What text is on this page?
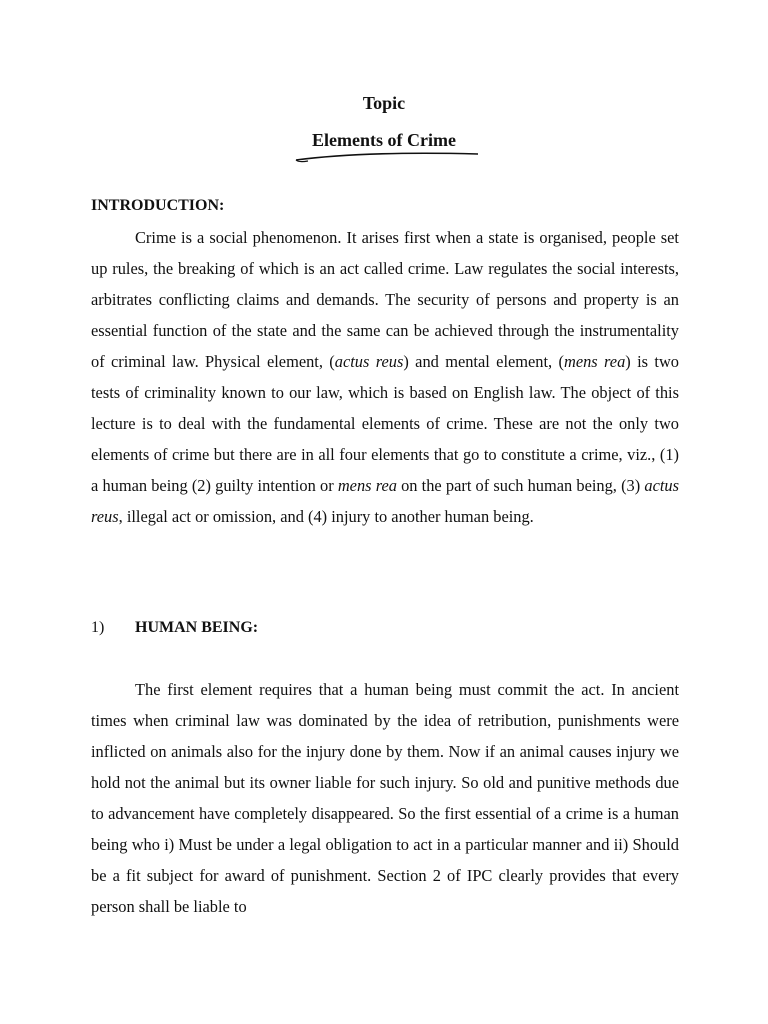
Topic
Elements of Crime
INTRODUCTION:

Crime is a social phenomenon. It arises first when a state is organised, people set up rules, the breaking of which is an act called crime. Law regulates the social interests, arbitrates conflicting claims and demands. The security of persons and property is an essential function of the state and the same can be achieved through the instrumentality of criminal law. Physical element, (actus reus) and mental element, (mens rea) is two tests of criminality known to our law, which is based on English law. The object of this lecture is to deal with the fundamental elements of crime. These are not the only two elements of crime but there are in all four elements that go to constitute a crime, viz., (1) a human being (2) guilty intention or mens rea on the part of such human being, (3) actus reus, illegal act or omission, and (4) injury to another human being.

1) HUMAN BEING:

The first element requires that a human being must commit the act. In ancient times when criminal law was dominated by the idea of retribution, punishments were inflicted on animals also for the injury done by them. Now if an animal causes injury we hold not the animal but its owner liable for such injury. So old and punitive methods due to advancement have completely disappeared. So the first essential of a crime is a human being who i) Must be under a legal obligation to act in a particular manner and ii) Should be a fit subject for award of punishment. Section 2 of IPC clearly provides that every person shall be liable to
